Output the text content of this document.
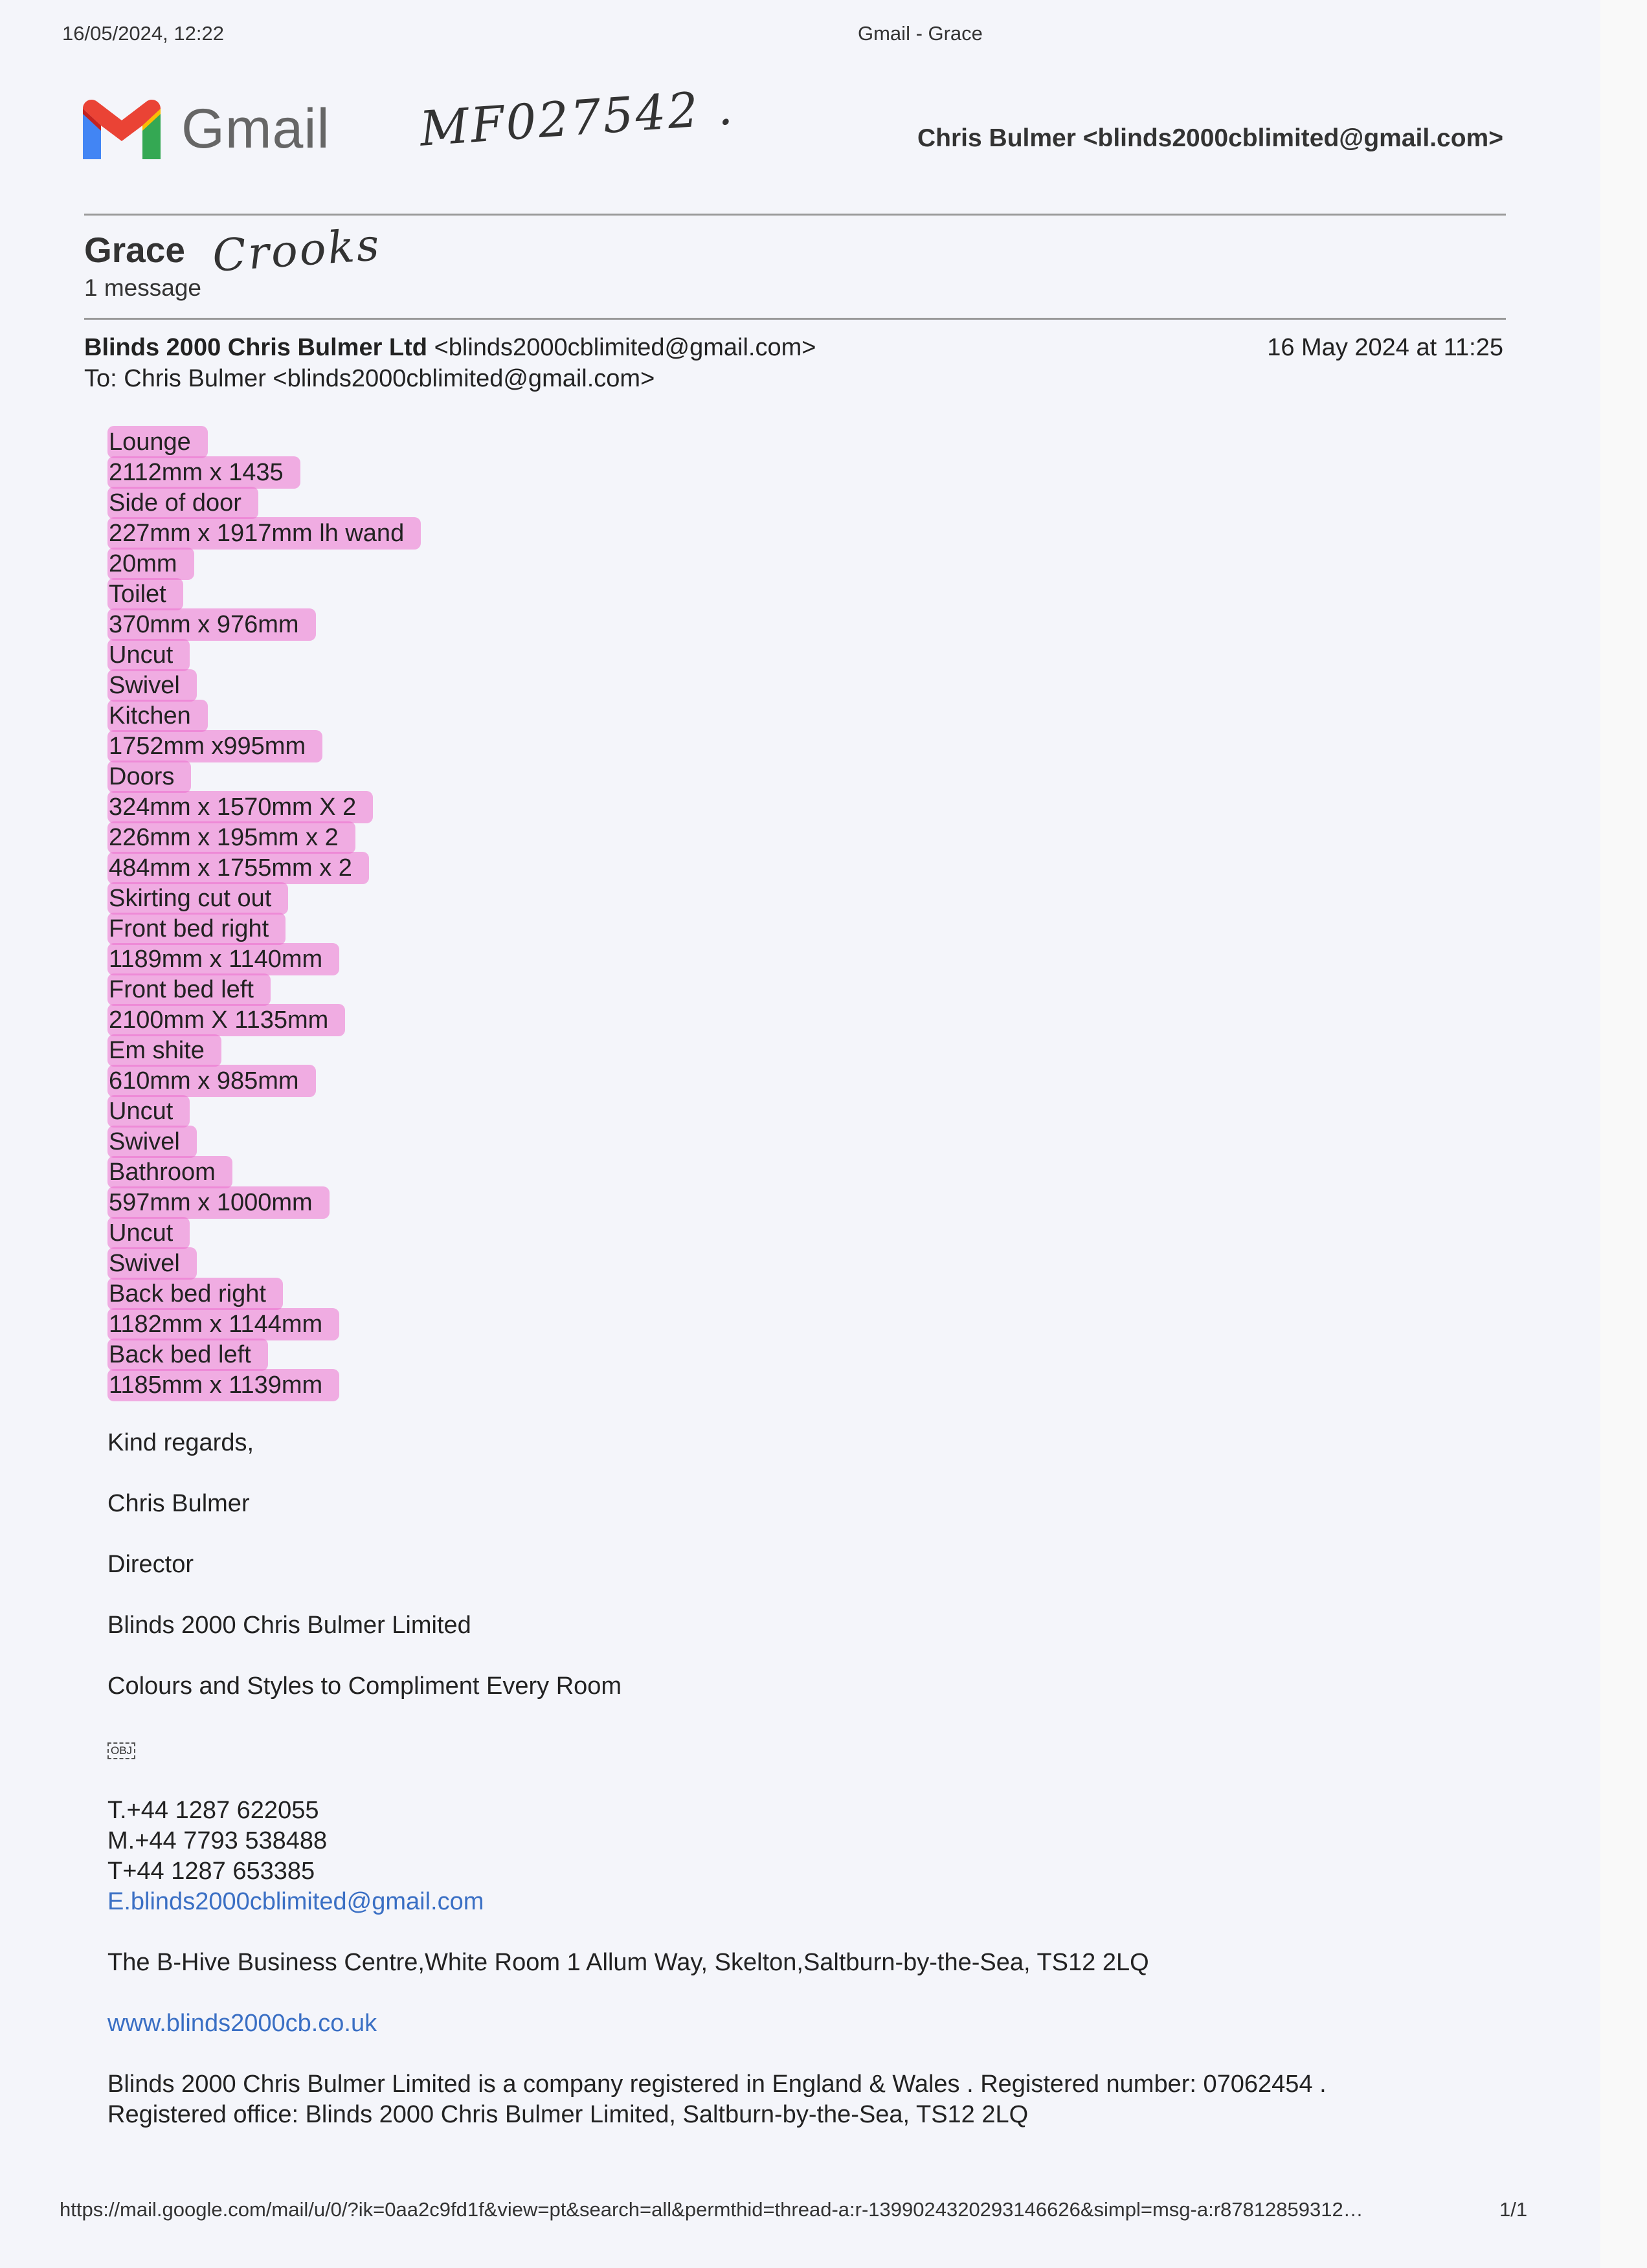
16/05/2024, 12:22	Gmail - Grace
Gmail MF027542 .
Crooks
Chris Bulmer <blinds2000cblimited@gmail.com>
Grace
1 message
Blinds 2000 Chris Bulmer Ltd <blinds2000cblimited@gmail.com>
To: Chris Bulmer <blinds2000cblimited@gmail.com>
16 May 2024 at 11:25
Lounge
2112mm x 1435
Side of door
227mm x 1917mm lh wand
20mm
Toilet
370mm x 976mm
Uncut
Swivel
Kitchen
1752mm x995mm
Doors
324mm x 1570mm X 2
226mm x 195mm x 2
484mm x 1755mm x 2
Skirting cut out
Front bed right
1189mm x 1140mm
Front bed left
2100mm X 1135mm
Em shite
610mm x 985mm
Uncut
Swivel
Bathroom
597mm x 1000mm
Uncut
Swivel
Back bed right
1182mm x 1144mm
Back bed left
1185mm x 1139mm
Kind regards,
Chris Bulmer
Director
Blinds 2000 Chris Bulmer Limited
Colours and Styles to Compliment Every Room
OBJ
T.+44 1287 622055
M.+44 7793 538488
T+44 1287 653385
E.blinds2000cblimited@gmail.com
The B-Hive Business Centre,White Room 1 Allum Way, Skelton,Saltburn-by-the-Sea, TS12 2LQ
www.blinds2000cb.co.uk
Blinds 2000 Chris Bulmer Limited is a company registered in England & Wales . Registered number: 07062454 .
Registered office: Blinds 2000 Chris Bulmer Limited, Saltburn-by-the-Sea, TS12 2LQ
https://mail.google.com/mail/u/0/?ik=0aa2c9fd1f&view=pt&search=all&permthid=thread-a:r-1399024320293146626&simpl=msg-a:r87812859312…	1/1
